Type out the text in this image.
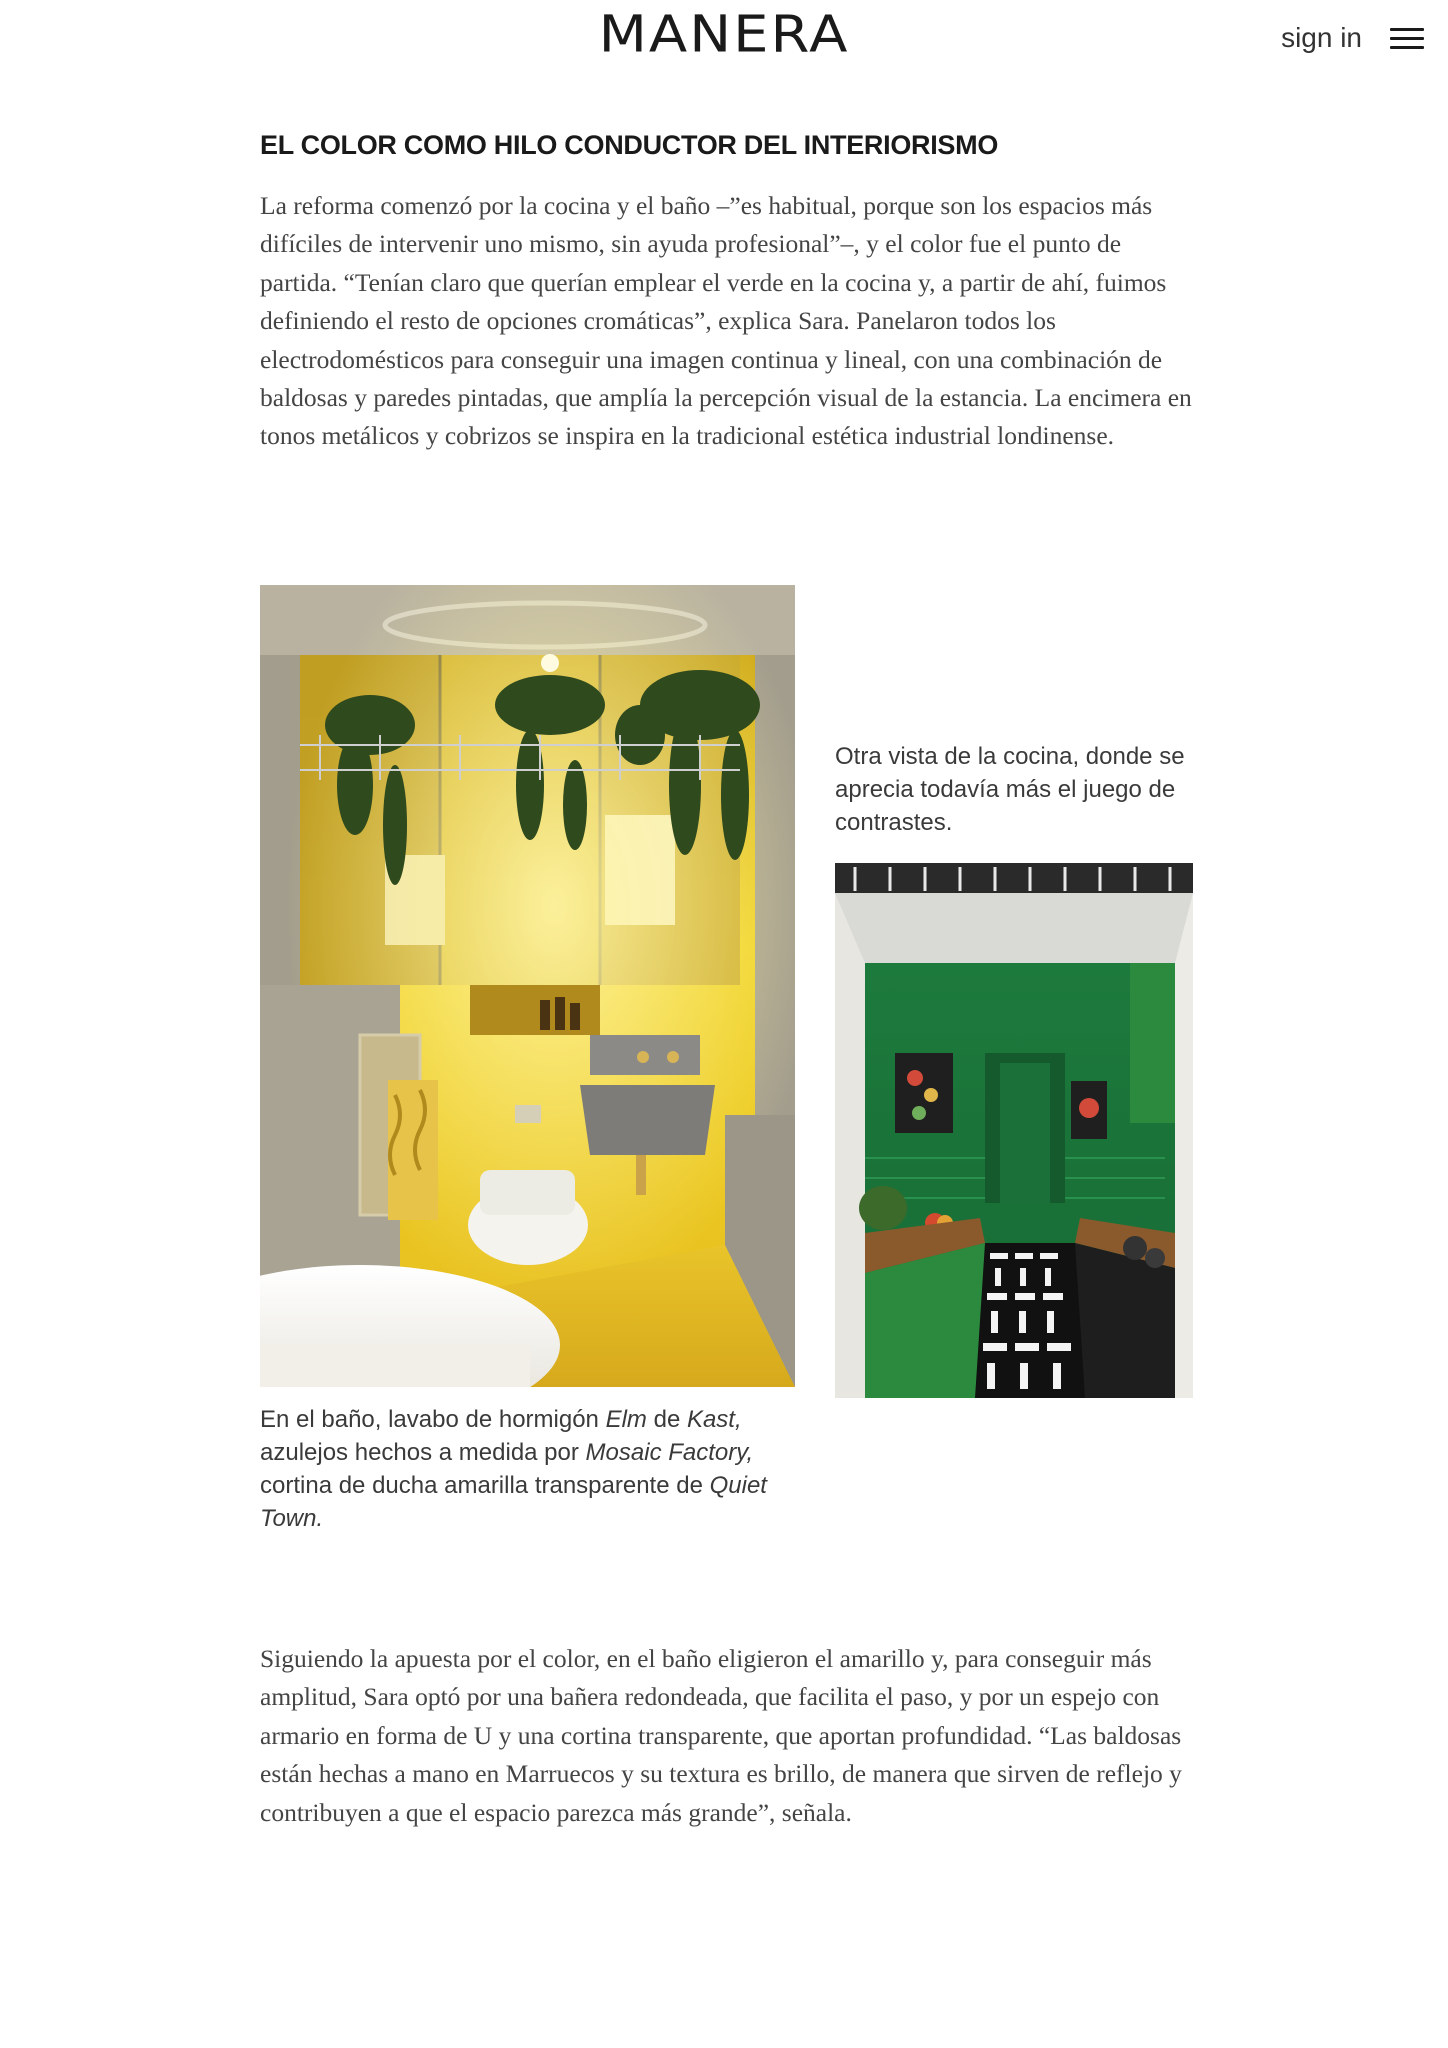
MANERA	sign in
EL COLOR COMO HILO CONDUCTOR DEL INTERIORISMO

La reforma comenzó por la cocina y el baño –”es habitual, porque son los espacios más difíciles de intervenir uno mismo, sin ayuda profesional”–, y el color fue el punto de partida. “Tenían claro que querían emplear el verde en la cocina y, a partir de ahí, fuimos definiendo el resto de opciones cromáticas”, explica Sara. Panelaron todos los electrodomésticos para conseguir una imagen continua y lineal, con una combinación de baldosas y paredes pintadas, que amplía la percepción visual de la estancia. La encimera en tonos metálicos y cobrizos se inspira en la tradicional estética industrial londinense.

Otra vista de la cocina, donde se aprecia todavía más el juego de contrastes.
En el baño, lavabo de hormigón Elm de Kast, azulejos hechos a medida por Mosaic Factory, cortina de ducha amarilla transparente de Quiet Town.

Siguiendo la apuesta por el color, en el baño eligieron el amarillo y, para conseguir más amplitud, Sara optó por una bañera redondeada, que facilita el paso, y por un espejo con armario en forma de U y una cortina transparente, que aportan profundidad. “Las baldosas están hechas a mano en Marruecos y su textura es brillo, de manera que sirven de reflejo y contribuyen a que el espacio parezca más grande”, señala.
